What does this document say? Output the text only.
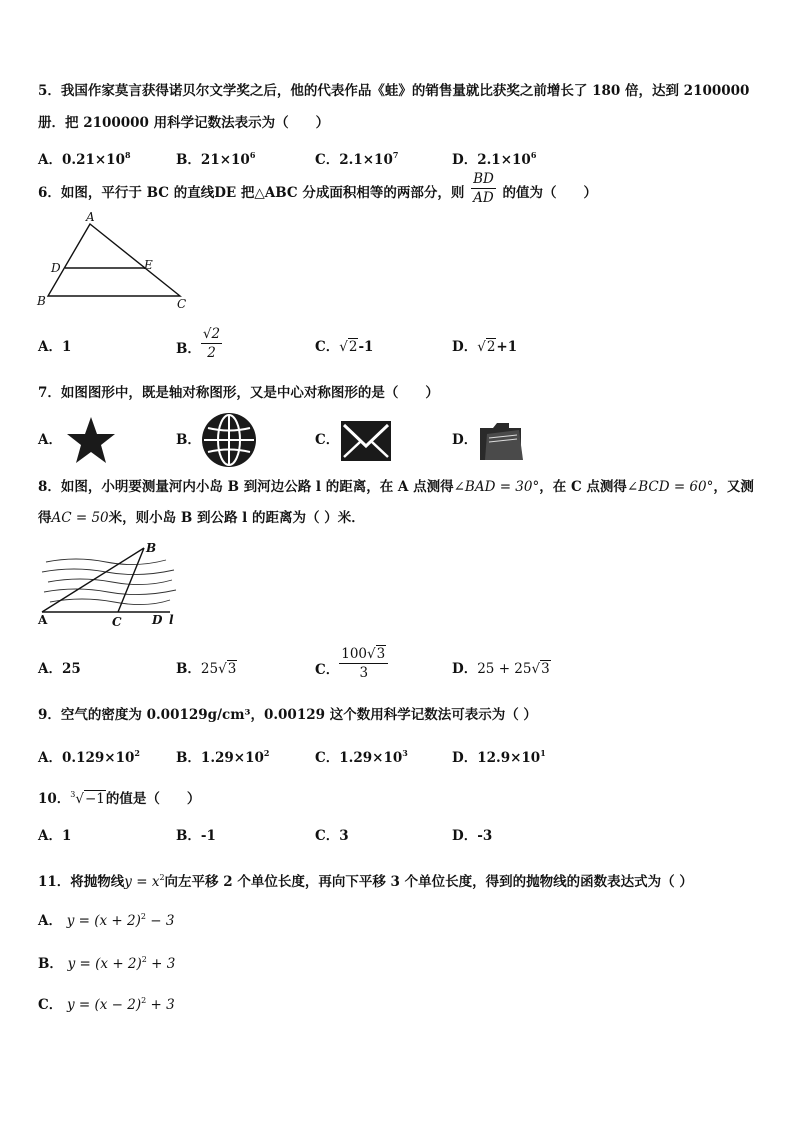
5．我国作家莫言获得诺贝尔文学奖之后，他的代表作品《蛙》的销售量就比获奖之前增长了 180 倍，达到 2100000
册．把 2100000 用科学记数法表示为（　　）
A．$0.21\times 10^8$	B．$21\times 10^6$	C．$2.1\times 10^7$	D．$2.1\times 10^6$
6．如图，平行于 BC 的直线DE 把△ABC 分成面积相等的两部分，则 $\frac{BD}{AD}$ 的值为（　　）
A
D	E
B	C
A．1	B． $\frac{√2}{2}$	C．√2-1	D．√2+1
7．如图图形中，既是轴对称图形，又是中心对称图形的是（　　）
A．	B．	C．	D．
8．如图，小明要测量河内小岛 B 到河边公路 l 的距离，在 A 点测得∠BAD = 30°，在 C 点测得∠BCD = 60°，又测
得AC = 50米，则小岛 B 到公路 l 的距离为（ ）米．
A
B
C	D l
A．25	B．25√3	C． $\frac{100√3}{3}$	D．25 + 25√3
9．空气的密度为 0.00129g/cm³，0.00129 这个数用科学记数法可表示为（ ）
A．$0.129\times 10^2$	B．$1.29\times 10^2$	C．$1.29\times 10^3$	D．$12.9\times 10^1$
10．$^3$√−1的值是（　　）
A．1	B．-1	C．3	D．-3
11．将抛物线$y = x^2$向左平移 2 个单位长度，再向下平移 3 个单位长度，得到的抛物线的函数表达式为（ ）
A． $y = (x + 2)^2 - 3$
B． $y = (x + 2)^2 + 3$
C． $y = (x - 2)^2 + 3$
